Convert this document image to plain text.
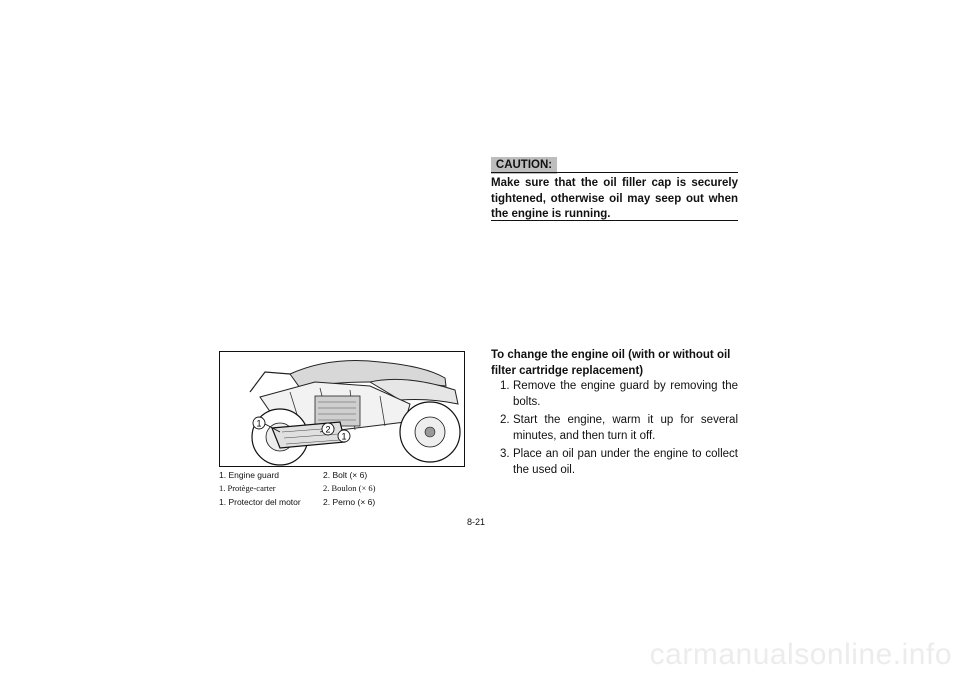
CAUTION:
Make sure that the oil filler cap is securely tightened, otherwise oil may seep out when the engine is running.
1
2
1
1. Engine guard	2. Bolt (× 6)
1. Protège-carter	2. Boulon (× 6)
1. Protector del motor	2. Perno (× 6)
To change the engine oil (with or without oil filter cartridge replacement)
1. Remove the engine guard by removing the bolts.
2. Start the engine, warm it up for several minutes, and then turn it off.
3. Place an oil pan under the engine to collect the used oil.
8-21
carmanualsonline.info
